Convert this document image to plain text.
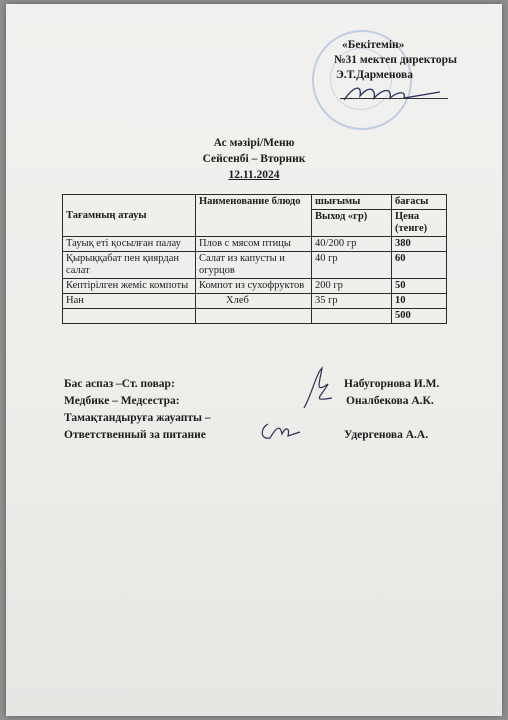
«Бекітемін»
№31 мектеп директоры
Э.Т.Дарменова
Ас мәзірі/Меню
Сейсенбі – Вторник
12.11.2024
Тағамның атауы	Наименование блюдо	шығымы	бағасы
		Выход «гр)	Цена (тенге)
Тауық еті қосылған палау	Плов с мясом птицы	40/200 гр	380
Қырыққабат пен қиярдан салат	Салат из капусты и огурцов	40 гр	60
Кептірілген жеміс компоты	Компот из сухофруктов	200 гр	50
Нан	Хлеб	35 гр	10
			500
Бас аспаз –Ст. повар:	Набугорнова И.М.
Медбике – Медсестра:	Оналбекова А.К.
Тамақтандыруға жауапты –
Ответственный за питание	Удергенова А.А.
